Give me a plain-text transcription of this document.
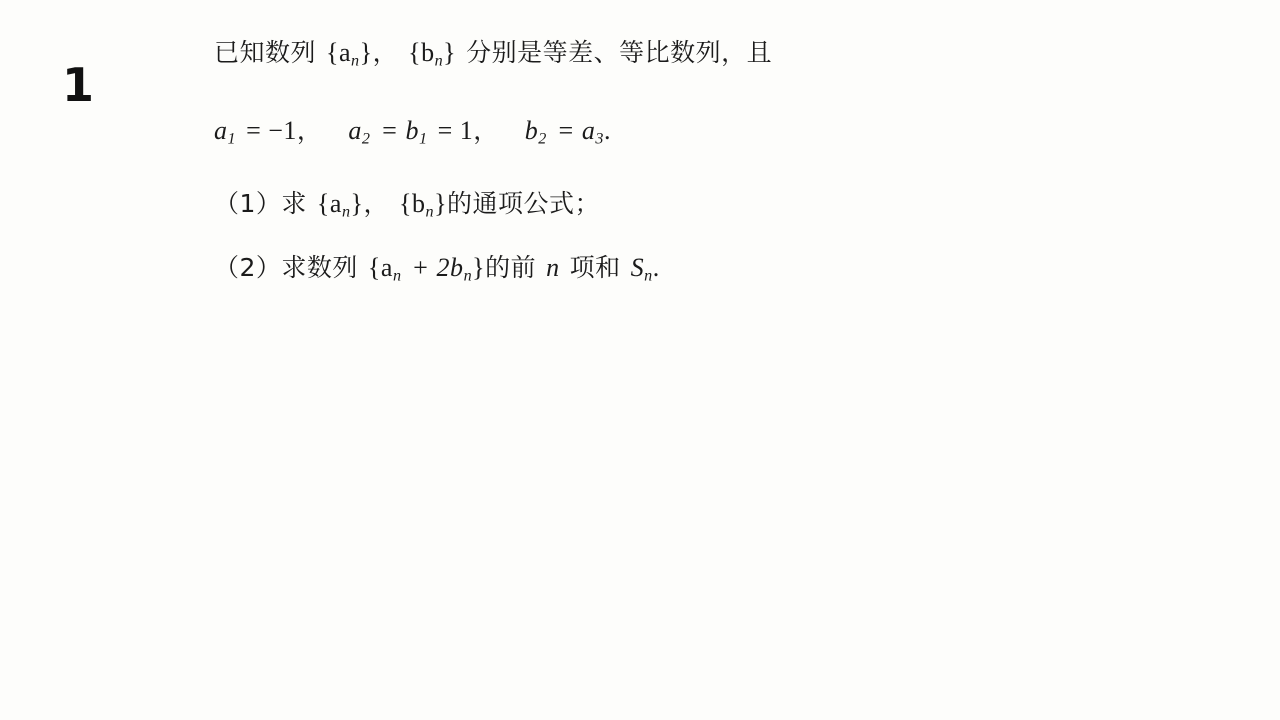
1
已知数列 $\{a_n\}$， $\{b_n\}$ 分别是等差、等比数列，且
$a_1 = -1$， $a_2 = b_1 = 1$， $b_2 = a_3$.
（1）求 $\{a_n\}$， $\{b_n\}$的通项公式；
（2）求数列 $\{a_n + 2b_n\}$的前 n 项和 $S_n$.
